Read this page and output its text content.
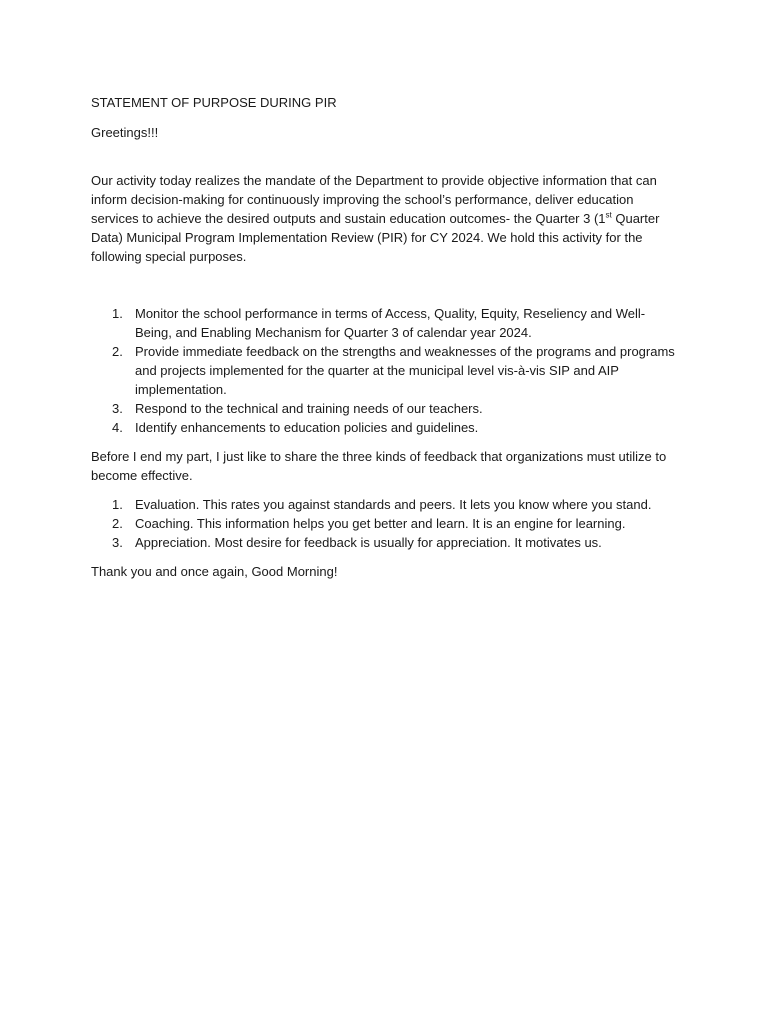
STATEMENT OF PURPOSE DURING PIR

Greetings!!!

Our activity today realizes the mandate of the Department to provide objective information that can inform decision-making for continuously improving the school’s performance, deliver education services to achieve the desired outputs and sustain education outcomes- the Quarter 3 (1st Quarter Data) Municipal Program Implementation Review (PIR) for CY 2024. We hold this activity for the following special purposes.

1. Monitor the school performance in terms of Access, Quality, Equity, Reseliency and Well-Being, and Enabling Mechanism for Quarter 3 of calendar year 2024.
2. Provide immediate feedback on the strengths and weaknesses of the programs and programs and projects implemented for the quarter at the municipal level vis-à-vis SIP and AIP implementation.
3. Respond to the technical and training needs of our teachers.
4. Identify enhancements to education policies and guidelines.

Before I end my part, I just like to share the three kinds of feedback that organizations must utilize to become effective.

1. Evaluation. This rates you against standards and peers. It lets you know where you stand.
2. Coaching. This information helps you get better and learn. It is an engine for learning.
3. Appreciation. Most desire for feedback is usually for appreciation. It motivates us.

Thank you and once again, Good Morning!
